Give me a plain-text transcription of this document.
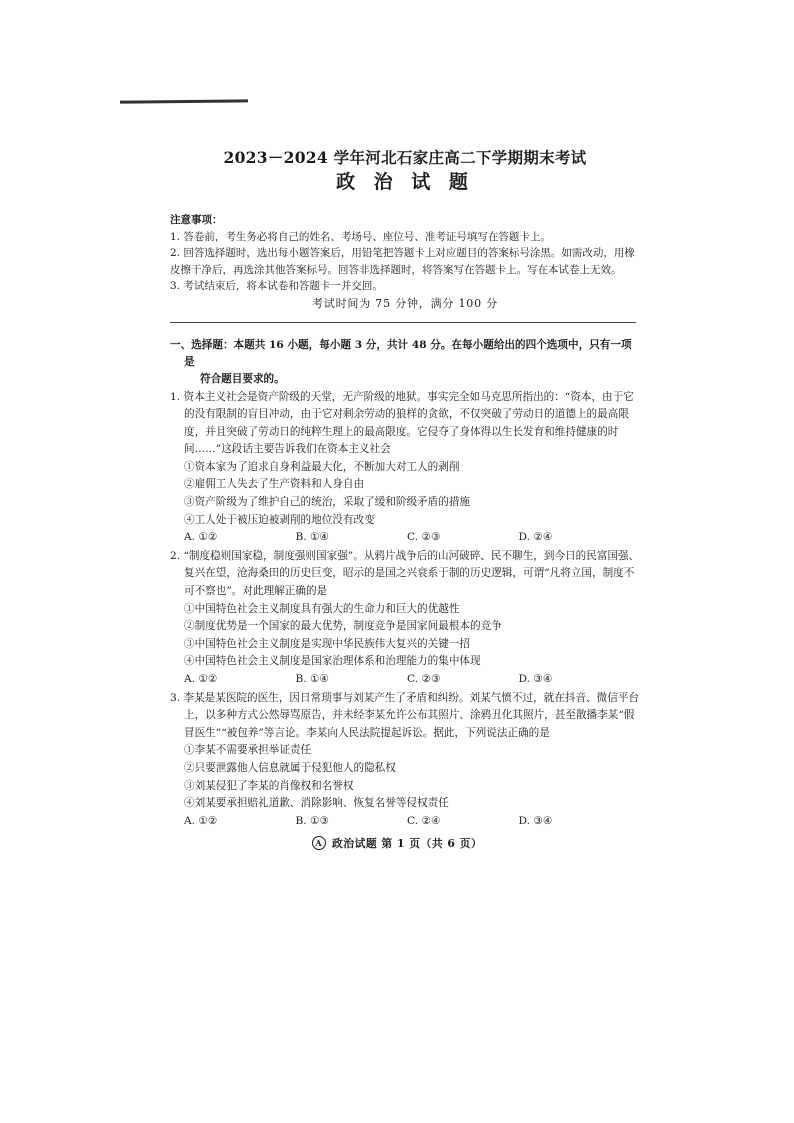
2023－2024 学年河北石家庄高二下学期期末考试
政 治 试 题

注意事项：

1. 答卷前，考生务必将自己的姓名、考场号、座位号、准考证号填写在答题卡上。

2. 回答选择题时，选出每小题答案后，用铅笔把答题卡上对应题目的答案标号涂黑。如需改动，用橡皮擦干净后，再选涂其他答案标号。回答非选择题时，将答案写在答题卡上。写在本试卷上无效。

3. 考试结束后，将本试卷和答题卡一并交回。

考试时间为 75 分钟，满分 100 分
一、选择题：本题共 16 小题，每小题 3 分，共计 48 分。在每小题给出的四个选项中，只有一项是
符合题目要求的。

1. 资本主义社会是资产阶级的天堂，无产阶级的地狱。事实完全如马克思所指出的：“资本，由于它的没有限制的盲目冲动，由于它对剩余劳动的狼样的贪欲，不仅突破了劳动日的道德上的最高限度，并且突破了劳动日的纯粹生理上的最高限度。它侵夺了身体得以生长发育和维持健康的时间……”这段话主要告诉我们在资本主义社会

①资本家为了追求自身利益最大化，不断加大对工人的剥削

②雇佣工人失去了生产资料和人身自由

③资产阶级为了维护自己的统治，采取了缓和阶级矛盾的措施

④工人处于被压迫被剥削的地位没有改变

A. ①②	B. ①④	C. ②③	D. ②④

2. “制度稳则国家稳，制度强则国家强”。从鸦片战争后的山河破碎、民不聊生，到今日的民富国强、复兴在望，沧海桑田的历史巨变，昭示的是国之兴衰系于制的历史逻辑，可谓“凡将立国，制度不可不察也”。对此理解正确的是

①中国特色社会主义制度具有强大的生命力和巨大的优越性

②制度优势是一个国家的最大优势，制度竞争是国家间最根本的竞争

③中国特色社会主义制度是实现中华民族伟大复兴的关键一招

④中国特色社会主义制度是国家治理体系和治理能力的集中体现

A. ①②	B. ①④	C. ②③	D. ③④

3. 李某是某医院的医生，因日常琐事与刘某产生了矛盾和纠纷。刘某气愤不过，就在抖音、微信平台上，以多种方式公然辱骂原告，并未经李某允许公布其照片、涂鸦丑化其照片，甚至散播李某“假冒医生”“被包养”等言论。李某向人民法院提起诉讼。据此，下列说法正确的是

①李某不需要承担举证责任

②只要泄露他人信息就属于侵犯他人的隐私权

③刘某侵犯了李某的肖像权和名誉权

④刘某要承担赔礼道歉、消除影响、恢复名誉等侵权责任

A. ①②	B. ①③	C. ②④	D. ③④
A 政治试题 第 1 页（共 6 页）
